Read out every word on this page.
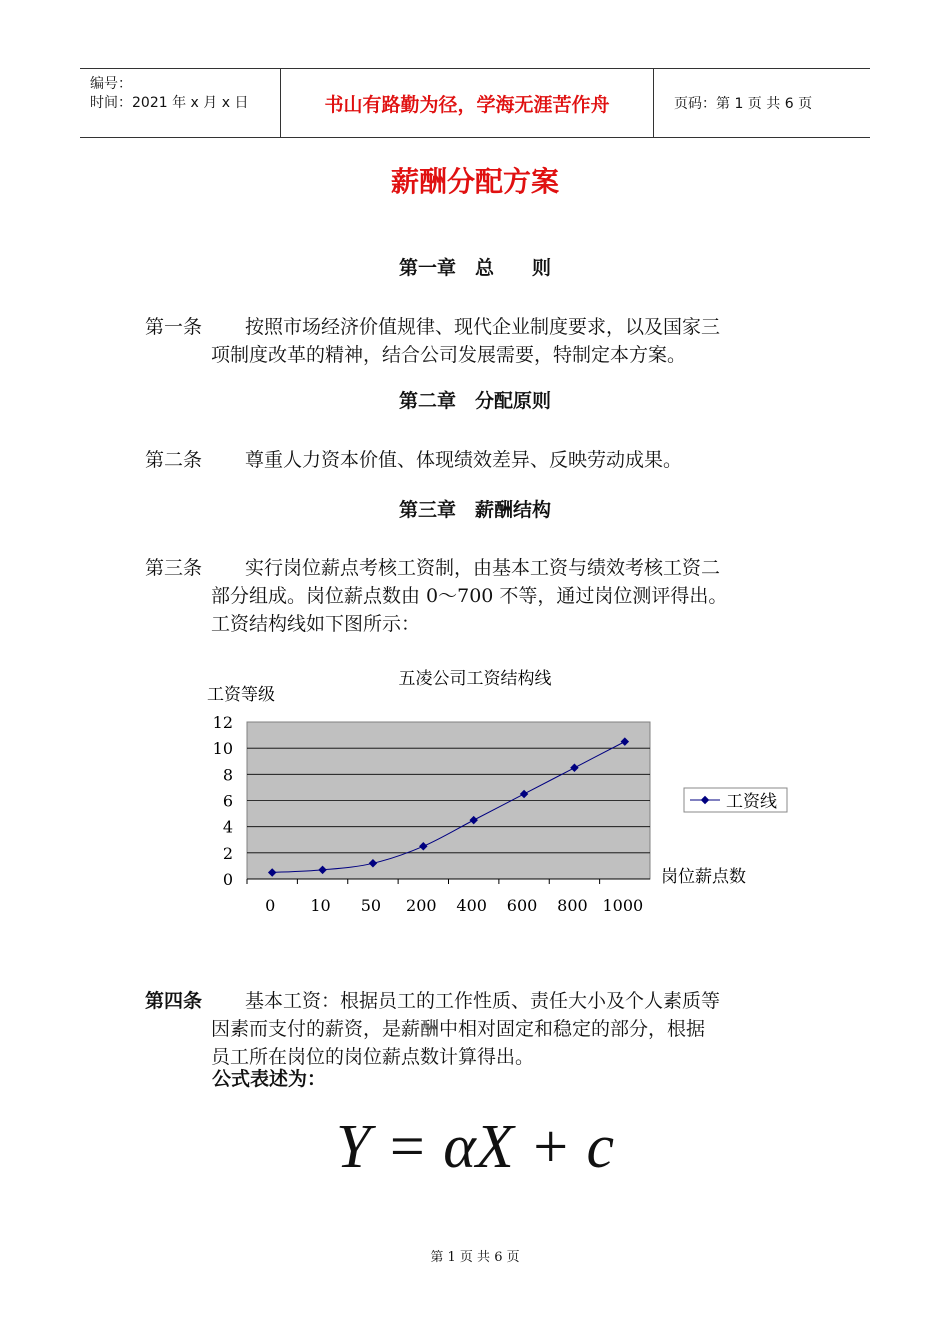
编号：
时间：2021 年 x 月 x 日	书山有路勤为径，学海无涯苦作舟	页码：第 1 页 共 6 页
薪酬分配方案
第一章　总　　则
第一条	按照市场经济价值规律、现代企业制度要求，以及国家三
项制度改革的精神，结合公司发展需要，特制定本方案。
第二章　分配原则
第二条	尊重人力资本价值、体现绩效差异、反映劳动成果。
第三章　薪酬结构
第三条	实行岗位薪点考核工资制，由基本工资与绩效考核工资二
部分组成。岗位薪点数由 0～700 不等，通过岗位测评得出。
工资结构线如下图所示：
五凌公司工资结构线
工资等级
岗位薪点数
0
2
4
6
8
10
12
0 10 50 200 400 600 800 1000
工资线
第四条	基本工资：根据员工的工作性质、责任大小及个人素质等
因素而支付的薪资，是薪酬中相对固定和稳定的部分，根据
员工所在岗位的岗位薪点数计算得出。
公式表述为：
Y = αX + c
第 1 页 共 6 页
